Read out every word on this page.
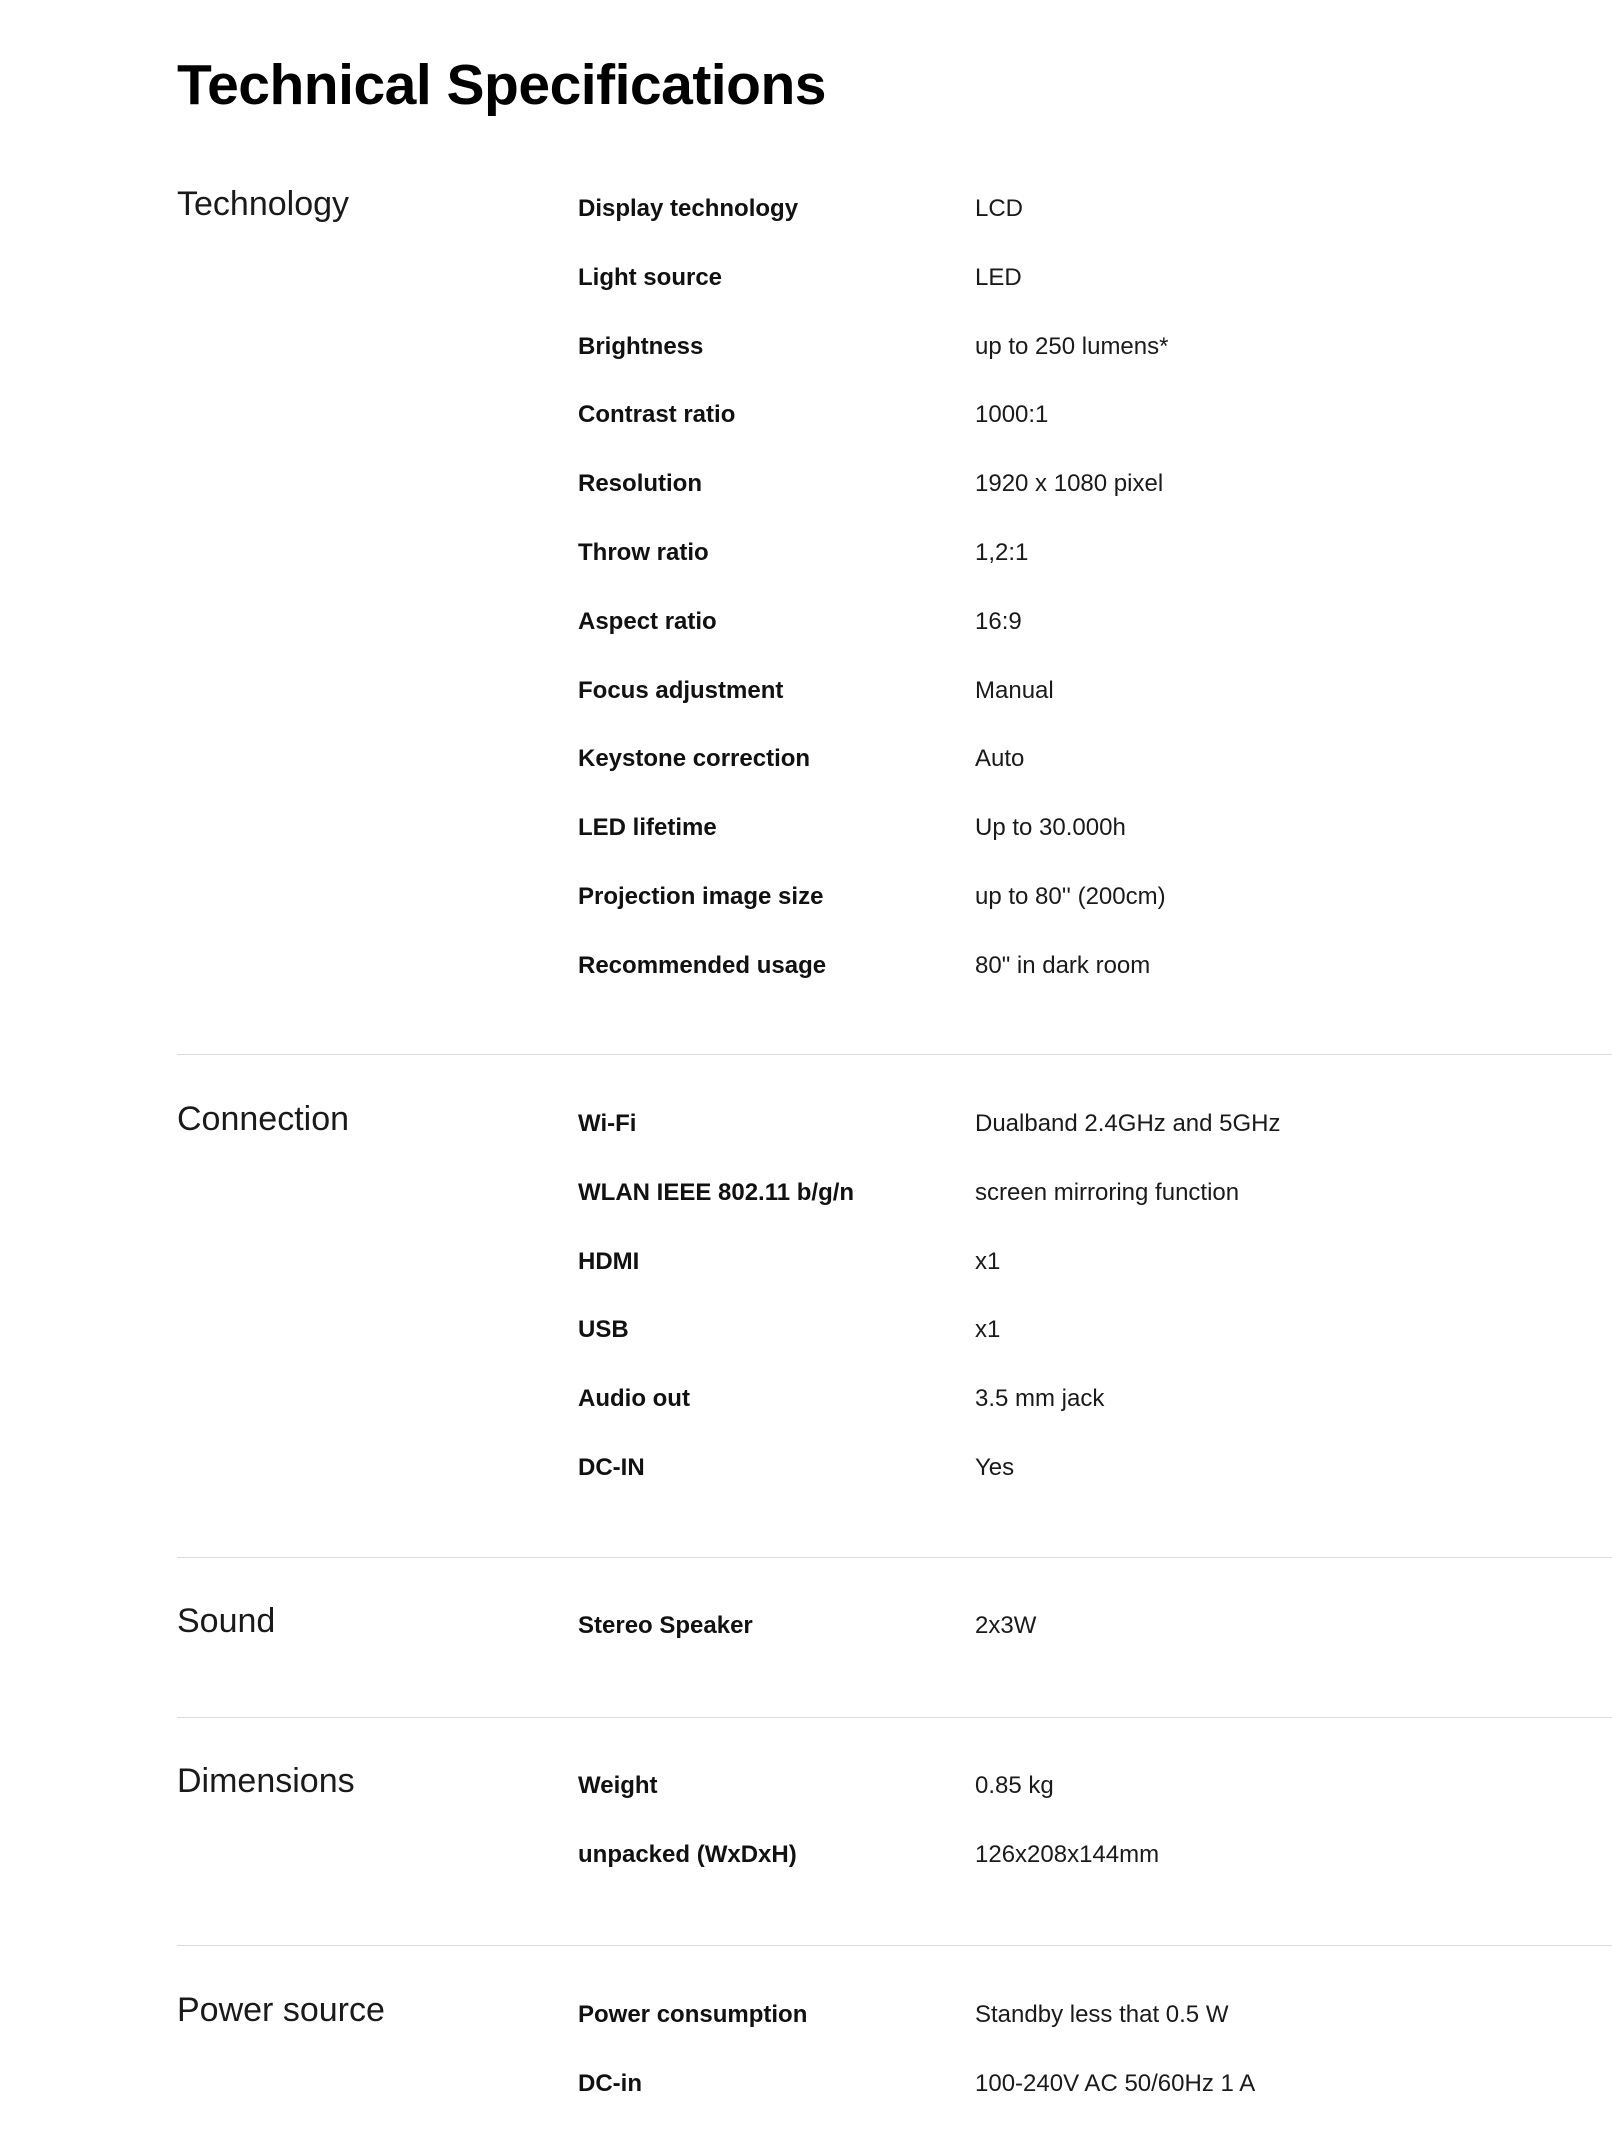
Technical Specifications
Technology	Display technology	LCD
Light source	LED
Brightness	up to 250 lumens*
Contrast ratio	1000:1
Resolution	1920 x 1080 pixel
Throw ratio	1,2:1
Aspect ratio	16:9
Focus adjustment	Manual
Keystone correction	Auto
LED lifetime	Up to 30.000h
Projection image size	up to 80'' (200cm)
Recommended usage	80" in dark room
Connection	Wi-Fi	Dualband 2.4GHz and 5GHz
WLAN IEEE 802.11 b/g/n	screen mirroring function
HDMI	x1
USB	x1
Audio out	3.5 mm jack
DC-IN	Yes
Sound	Stereo Speaker	2x3W
Dimensions	Weight	0.85 kg
unpacked (WxDxH)	126x208x144mm
Power source	Power consumption	Standby less that 0.5 W
DC-in	100-240V AC 50/60Hz 1 A
